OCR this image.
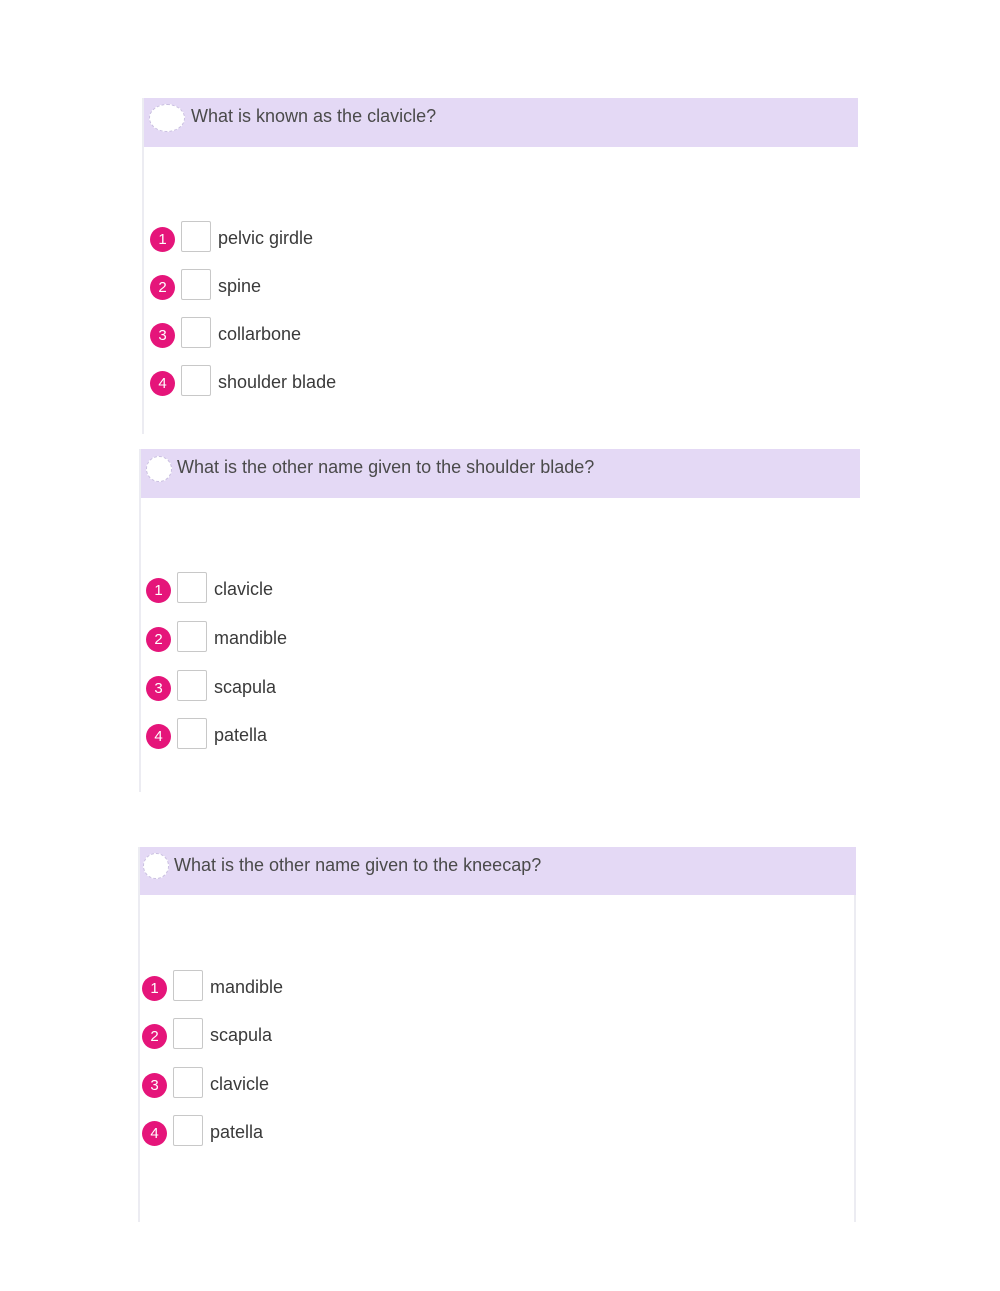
What is known as the clavicle?
1	pelvic girdle
2	spine
3	collarbone
4	shoulder blade
What is the other name given to the shoulder blade?
1	clavicle
2	mandible
3	scapula
4	patella
What is the other name given to the kneecap?
1	mandible
2	scapula
3	clavicle
4	patella
